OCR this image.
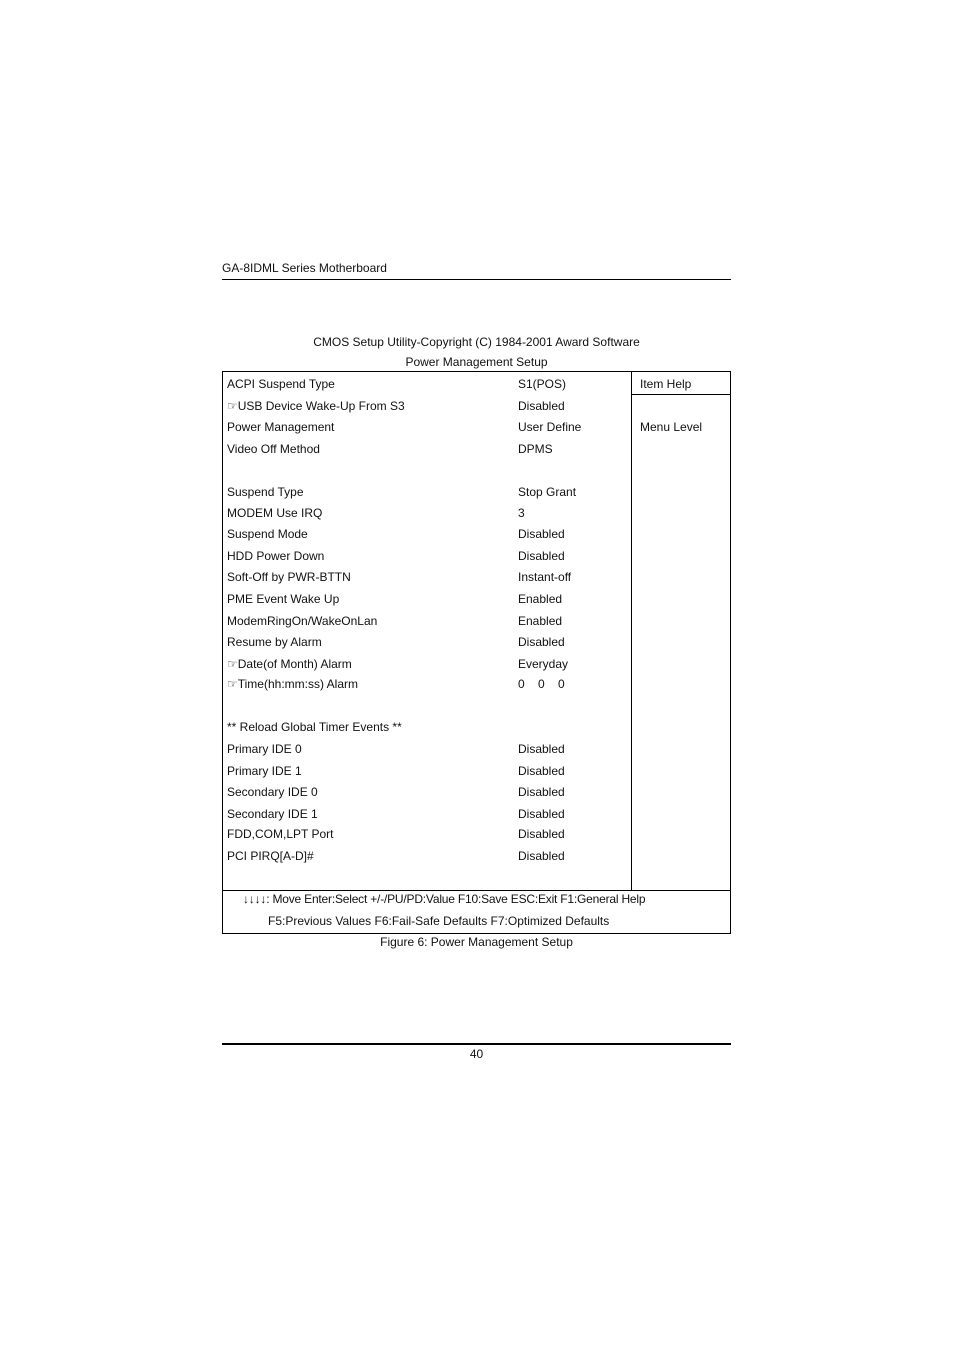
GA-8IDML Series Motherboard
CMOS Setup Utility-Copyright (C) 1984-2001 Award Software
Power Management Setup
ACPI Suspend Type	S1(POS)
☞USB Device Wake-Up From S3	Disabled
Power Management	User Define
Video Off Method	DPMS
Suspend Type	Stop Grant
MODEM Use IRQ	3
Suspend Mode	Disabled
HDD Power Down	Disabled
Soft-Off by PWR-BTTN	Instant-off
PME Event Wake Up	Enabled
ModemRingOn/WakeOnLan	Enabled
Resume by Alarm	Disabled
☞Date(of Month) Alarm	Everyday
☞Time(hh:mm:ss) Alarm	0    0    0
** Reload Global Timer Events **
Primary IDE 0	Disabled
Primary IDE 1	Disabled
Secondary IDE 0	Disabled
Secondary IDE 1	Disabled
FDD,COM,LPT Port	Disabled
PCI PIRQ[A-D]#	Disabled
Item Help
Menu Level
↓↓↓↓: Move Enter:Select +/-/PU/PD:Value F10:Save ESC:Exit F1:General Help
F5:Previous Values F6:Fail-Safe Defaults F7:Optimized Defaults
Figure 6: Power Management Setup
40
